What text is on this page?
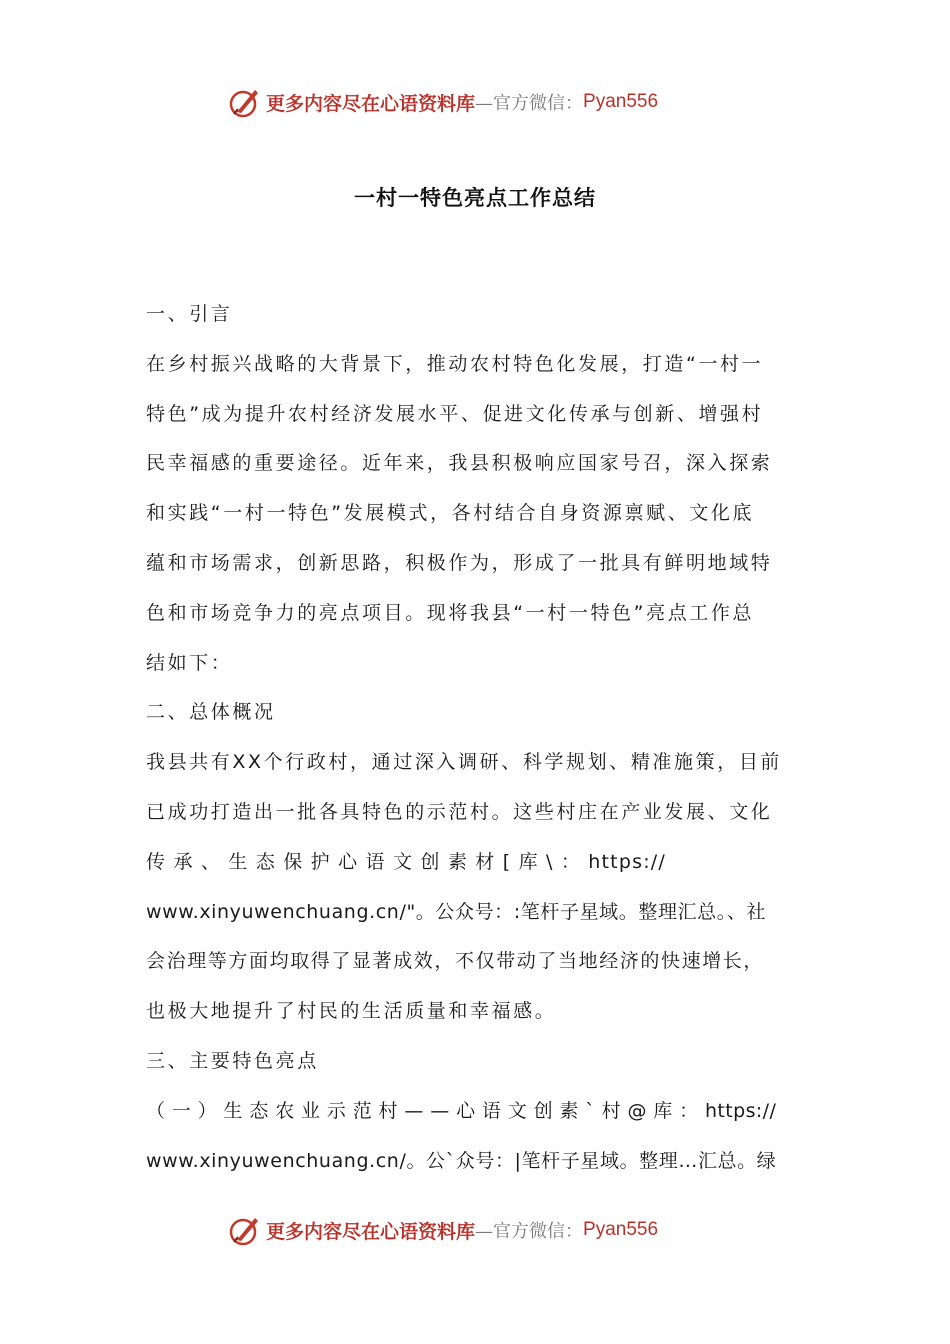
更多内容尽在心语资料库 —官方微信： Pyan556
一村一特色亮点工作总结
一、引言
在乡村振兴战略的大背景下，推动农村特色化发展，打造“一村一
特色”成为提升农村经济发展水平、促进文化传承与创新、增强村
民幸福感的重要途径。近年来，我县积极响应国家号召，深入探索
和实践“一村一特色”发展模式，各村结合自身资源禀赋、文化底
蕴和市场需求，创新思路，积极作为，形成了一批具有鲜明地域特
色和市场竞争力的亮点项目。现将我县“一村一特色”亮点工作总
结如下：
二、总体概况
我县共有XX个行政村，通过深入调研、科学规划、精准施策，目前
已成功打造出一批各具特色的示范村。这些村庄在产业发展、文化
传 承 、 生 态 保 护 心 语 文 创 素 材 [ 库 \ ： https://
www.xinyuwenchuang.cn/"。公众号：:笔杆子星域。整理汇总。、社
会治理等方面均取得了显著成效，不仅带动了当地经济的快速增长，
也极大地提升了村民的生活质量和幸福感。
三、主要特色亮点
（ 一 ） 生 态 农 业 示 范 村 — — 心 语 文 创 素 ` 村 @ 库 ： https://
www.xinyuwenchuang.cn/。公`众号：|笔杆子星域。整理…汇总。绿
更多内容尽在心语资料库 —官方微信： Pyan556
